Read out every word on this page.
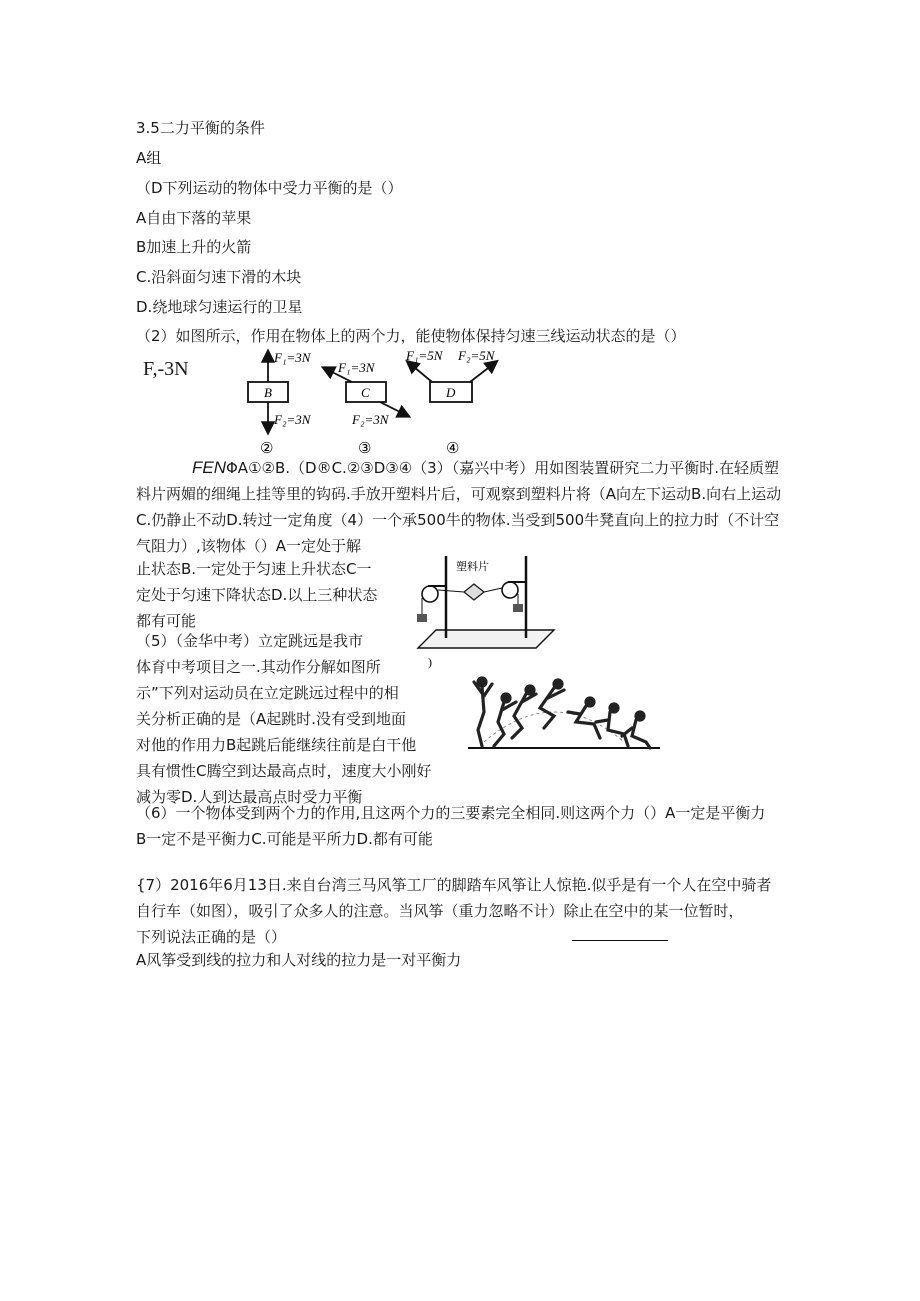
3.5二力平衡的条件
A组
（D下列运动的物体中受力平衡的是（）
A自由下落的苹果
B加速上升的火箭
C.沿斜面匀速下滑的木块
D.绕地球匀速运行的卫星
（2）如图所示，作用在物体上的两个力，能使物体保持匀速三线运动状态的是（）
F,-3N
B
F₁=3N
F₂=3N
②
C
F₁=3N
F₂=3N
③
D
F₁=5N F₂=5N
④
FENΦA①②B.（D®C.②③D③④（3）（嘉兴中考）用如图装置研究二力平衡时.在轻质塑料片两媚的细绳上挂等里的钩码.手放开塑料片后，可观察到塑料片将（A向左下运动B.向右上运动C.仍静止不动D.转过一定角度（4）一个承500牛的物体.当受到500牛凳直向上的拉力时（不计空气阻力）,该物体（）A一定处于解
止状态B.一定处于匀速上升状态C一
定处于匀速下降状态D.以上三种状态
都有可能
塑料片
)
（5）（金华中考）立定跳远是我市
体育中考项目之一.其动作分解如图所
示”下列对运动员在立定跳远过程中的相
关分析正确的是（A起跳时.没有受到地面
对他的作用力B起跳后能继续往前是白干他
具有惯性C腾空到达最高点时，速度大小刚好
减为零D.人到达最高点时受力平衡
（6）一个物体受到两个力的作用,且这两个力的三要素完全相同.则这两个力（）A一定是平衡力
B一定不是平衡力C.可能是平所力D.都有可能
{7）2016年6月13日.来自台湾三马风筝工厂的脚踏车风筝让人惊艳.似乎是有一个人在空中骑者
自行车（如图），吸引了众多人的注意。当风筝（重力忽略不计）除止在空中的某一位暂时，
下列说法正确的是（）
A风筝受到线的拉力和人对线的拉力是一对平衡力
